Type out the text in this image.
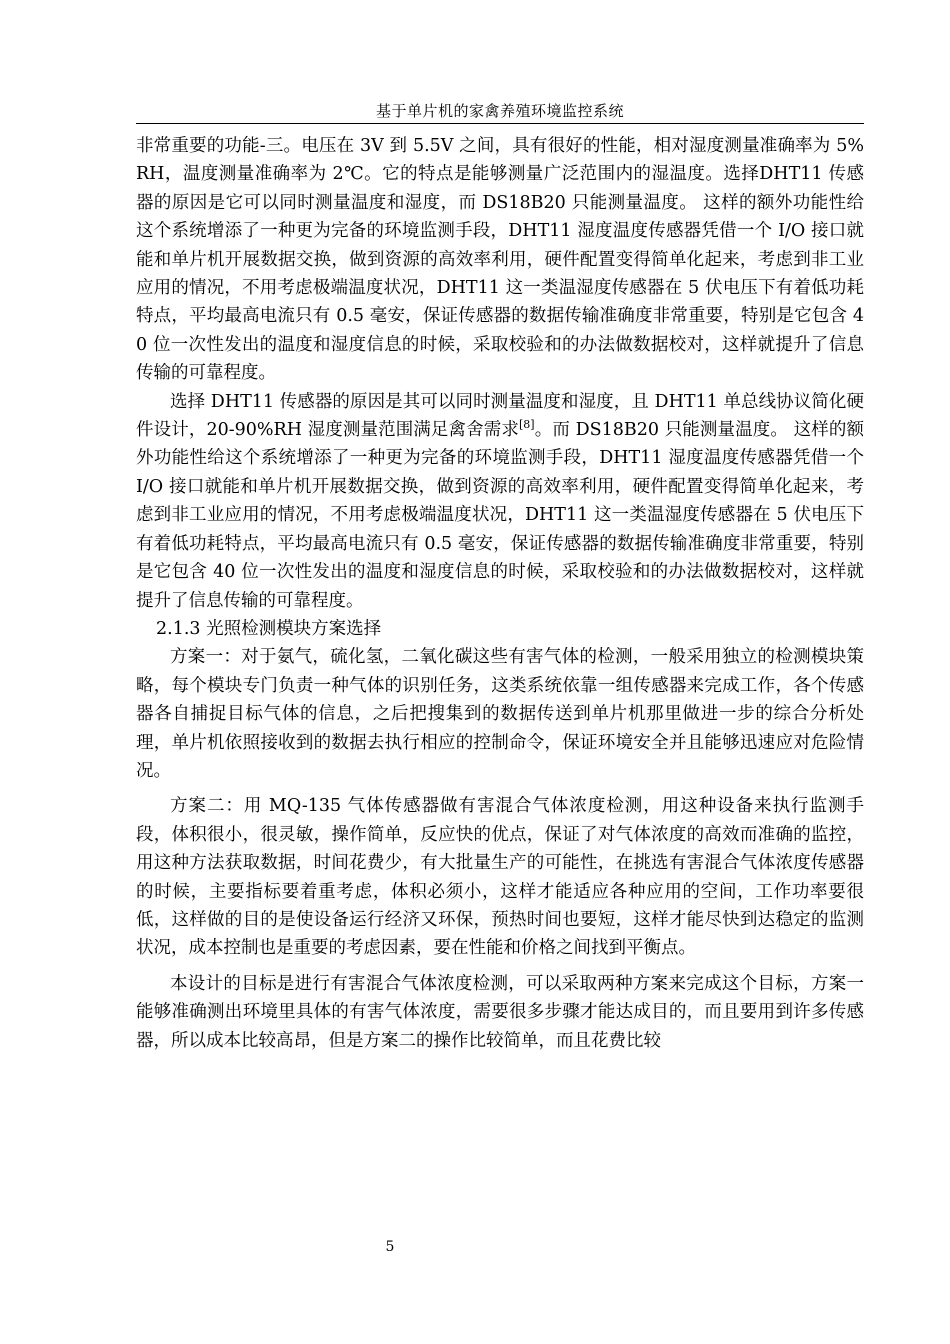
基于单片机的家禽养殖环境监控系统

非常重要的功能-三。电压在 3V 到 5.5V 之间，具有很好的性能，相对湿度测量准确率为 5%RH，温度测量准确率为 2℃。它的特点是能够测量广泛范围内的湿温度。选择DHT11 传感器的原因是它可以同时测量温度和湿度，而 DS18B20 只能测量温度。 这样的额外功能性给这个系统增添了一种更为完备的环境监测手段，DHT11 湿度温度传感器凭借一个 I/O 接口就能和单片机开展数据交换，做到资源的高效率利用，硬件配置变得简单化起来，考虑到非工业应用的情况，不用考虑极端温度状况，DHT11 这一类温湿度传感器在 5 伏电压下有着低功耗特点，平均最高电流只有 0.5 毫安，保证传感器的数据传输准确度非常重要，特别是它包含 40 位一次性发出的温度和湿度信息的时候，采取校验和的办法做数据校对，这样就提升了信息传输的可靠程度。

选择 DHT11 传感器的原因是其可以同时测量温度和湿度，且 DHT11 单总线协议简化硬件设计，20-90%RH 湿度测量范围满足禽舍需求[8]。而 DS18B20 只能测量温度。 这样的额外功能性给这个系统增添了一种更为完备的环境监测手段，DHT11 湿度温度传感器凭借一个 I/O 接口就能和单片机开展数据交换，做到资源的高效率利用，硬件配置变得简单化起来，考虑到非工业应用的情况，不用考虑极端温度状况，DHT11 这一类温湿度传感器在 5 伏电压下有着低功耗特点，平均最高电流只有 0.5 毫安，保证传感器的数据传输准确度非常重要，特别是它包含 40 位一次性发出的温度和湿度信息的时候，采取校验和的办法做数据校对，这样就提升了信息传输的可靠程度。

2.1.3 光照检测模块方案选择

方案一：对于氨气，硫化氢，二氧化碳这些有害气体的检测，一般采用独立的检测模块策略，每个模块专门负责一种气体的识别任务，这类系统依靠一组传感器来完成工作，各个传感器各自捕捉目标气体的信息，之后把搜集到的数据传送到单片机那里做进一步的综合分析处理，单片机依照接收到的数据去执行相应的控制命令，保证环境安全并且能够迅速应对危险情况。

方案二：用 MQ-135 气体传感器做有害混合气体浓度检测，用这种设备来执行监测手段，体积很小，很灵敏，操作简单，反应快的优点，保证了对气体浓度的高效而准确的监控，用这种方法获取数据，时间花费少，有大批量生产的可能性，在挑选有害混合气体浓度传感器的时候，主要指标要着重考虑，体积必须小，这样才能适应各种应用的空间，工作功率要很低，这样做的目的是使设备运行经济又环保，预热时间也要短，这样才能尽快到达稳定的监测状况，成本控制也是重要的考虑因素，要在性能和价格之间找到平衡点。

本设计的目标是进行有害混合气体浓度检测，可以采取两种方案来完成这个目标，方案一能够准确测出环境里具体的有害气体浓度，需要很多步骤才能达成目的，而且要用到许多传感器，所以成本比较高昂，但是方案二的操作比较简单，而且花费比较

5
